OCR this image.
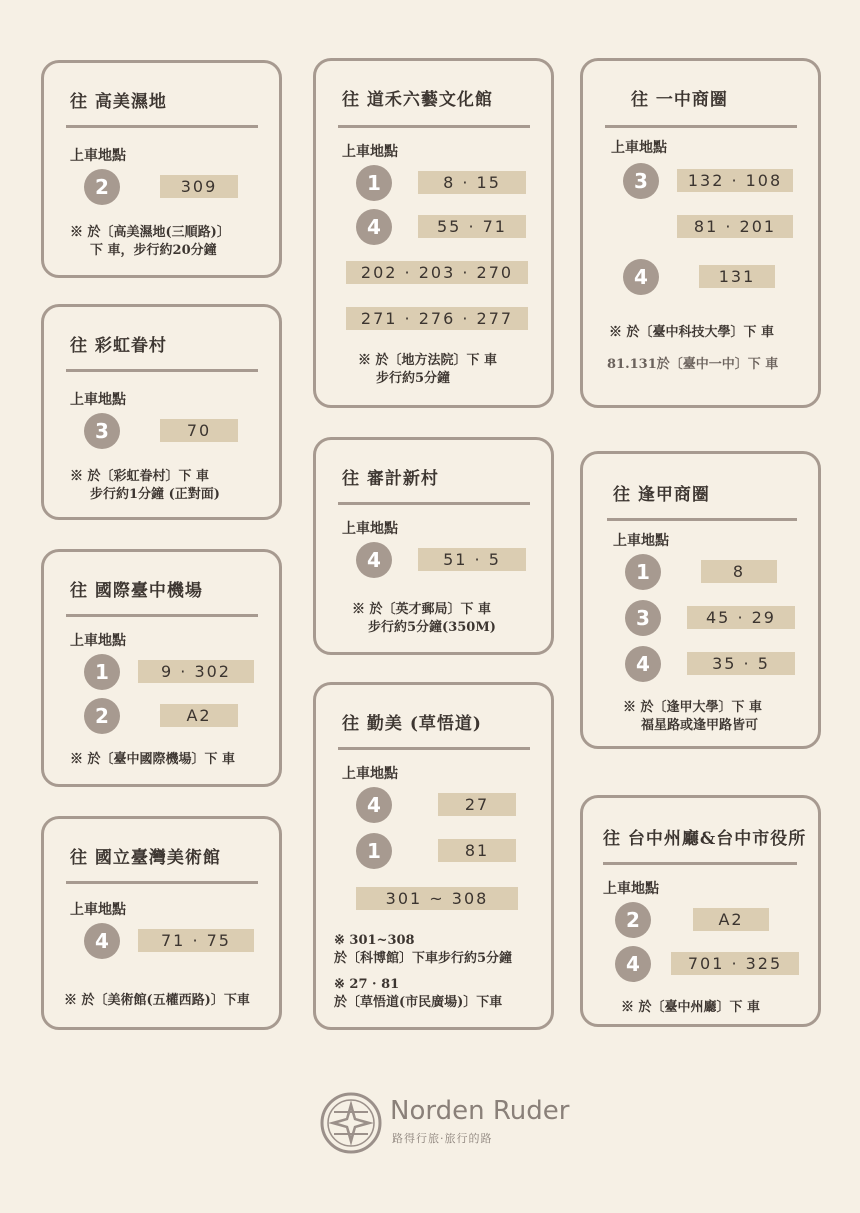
往 高美濕地
上車地點
2	309
※ 於〔高美濕地(三順路)〕
下 車，步行約20分鐘
往 彩虹眷村
上車地點
3	70
※ 於〔彩虹眷村〕下 車
步行約1分鐘 (正對面)
往 國際臺中機場
上車地點
1	9 · 302
2	A2
※ 於〔臺中國際機場〕下 車
往 國立臺灣美術館
上車地點
4	71 · 75
※ 於〔美術館(五權西路)〕下車
往 道禾六藝文化館
上車地點
1	8 · 15
4	55 · 71
202 · 203 · 270
271 · 276 · 277
※ 於〔地方法院〕下 車
步行約5分鐘
往 審計新村
上車地點
4	51 · 5
※ 於〔英才郵局〕下 車
步行約5分鐘(350M)
往 勤美 (草悟道)
上車地點
4	27
1	81
301 ~ 308
※ 301~308
於〔科博館〕下車步行約5分鐘
※ 27 · 81
於〔草悟道(市民廣場)〕下車
往 一中商圈
上車地點
3	132 · 108
81 · 201
4	131
※ 於〔臺中科技大學〕下 車
81.131於〔臺中一中〕下 車
往 逢甲商圈
上車地點
1	8
3	45 · 29
4	35 · 5
※ 於〔逢甲大學〕下 車
福星路或逢甲路皆可
往 台中州廳&台中市役所
上車地點
2	A2
4	701 · 325
※ 於〔臺中州廳〕下 車
Norden Ruder
路得行旅·旅行的路
